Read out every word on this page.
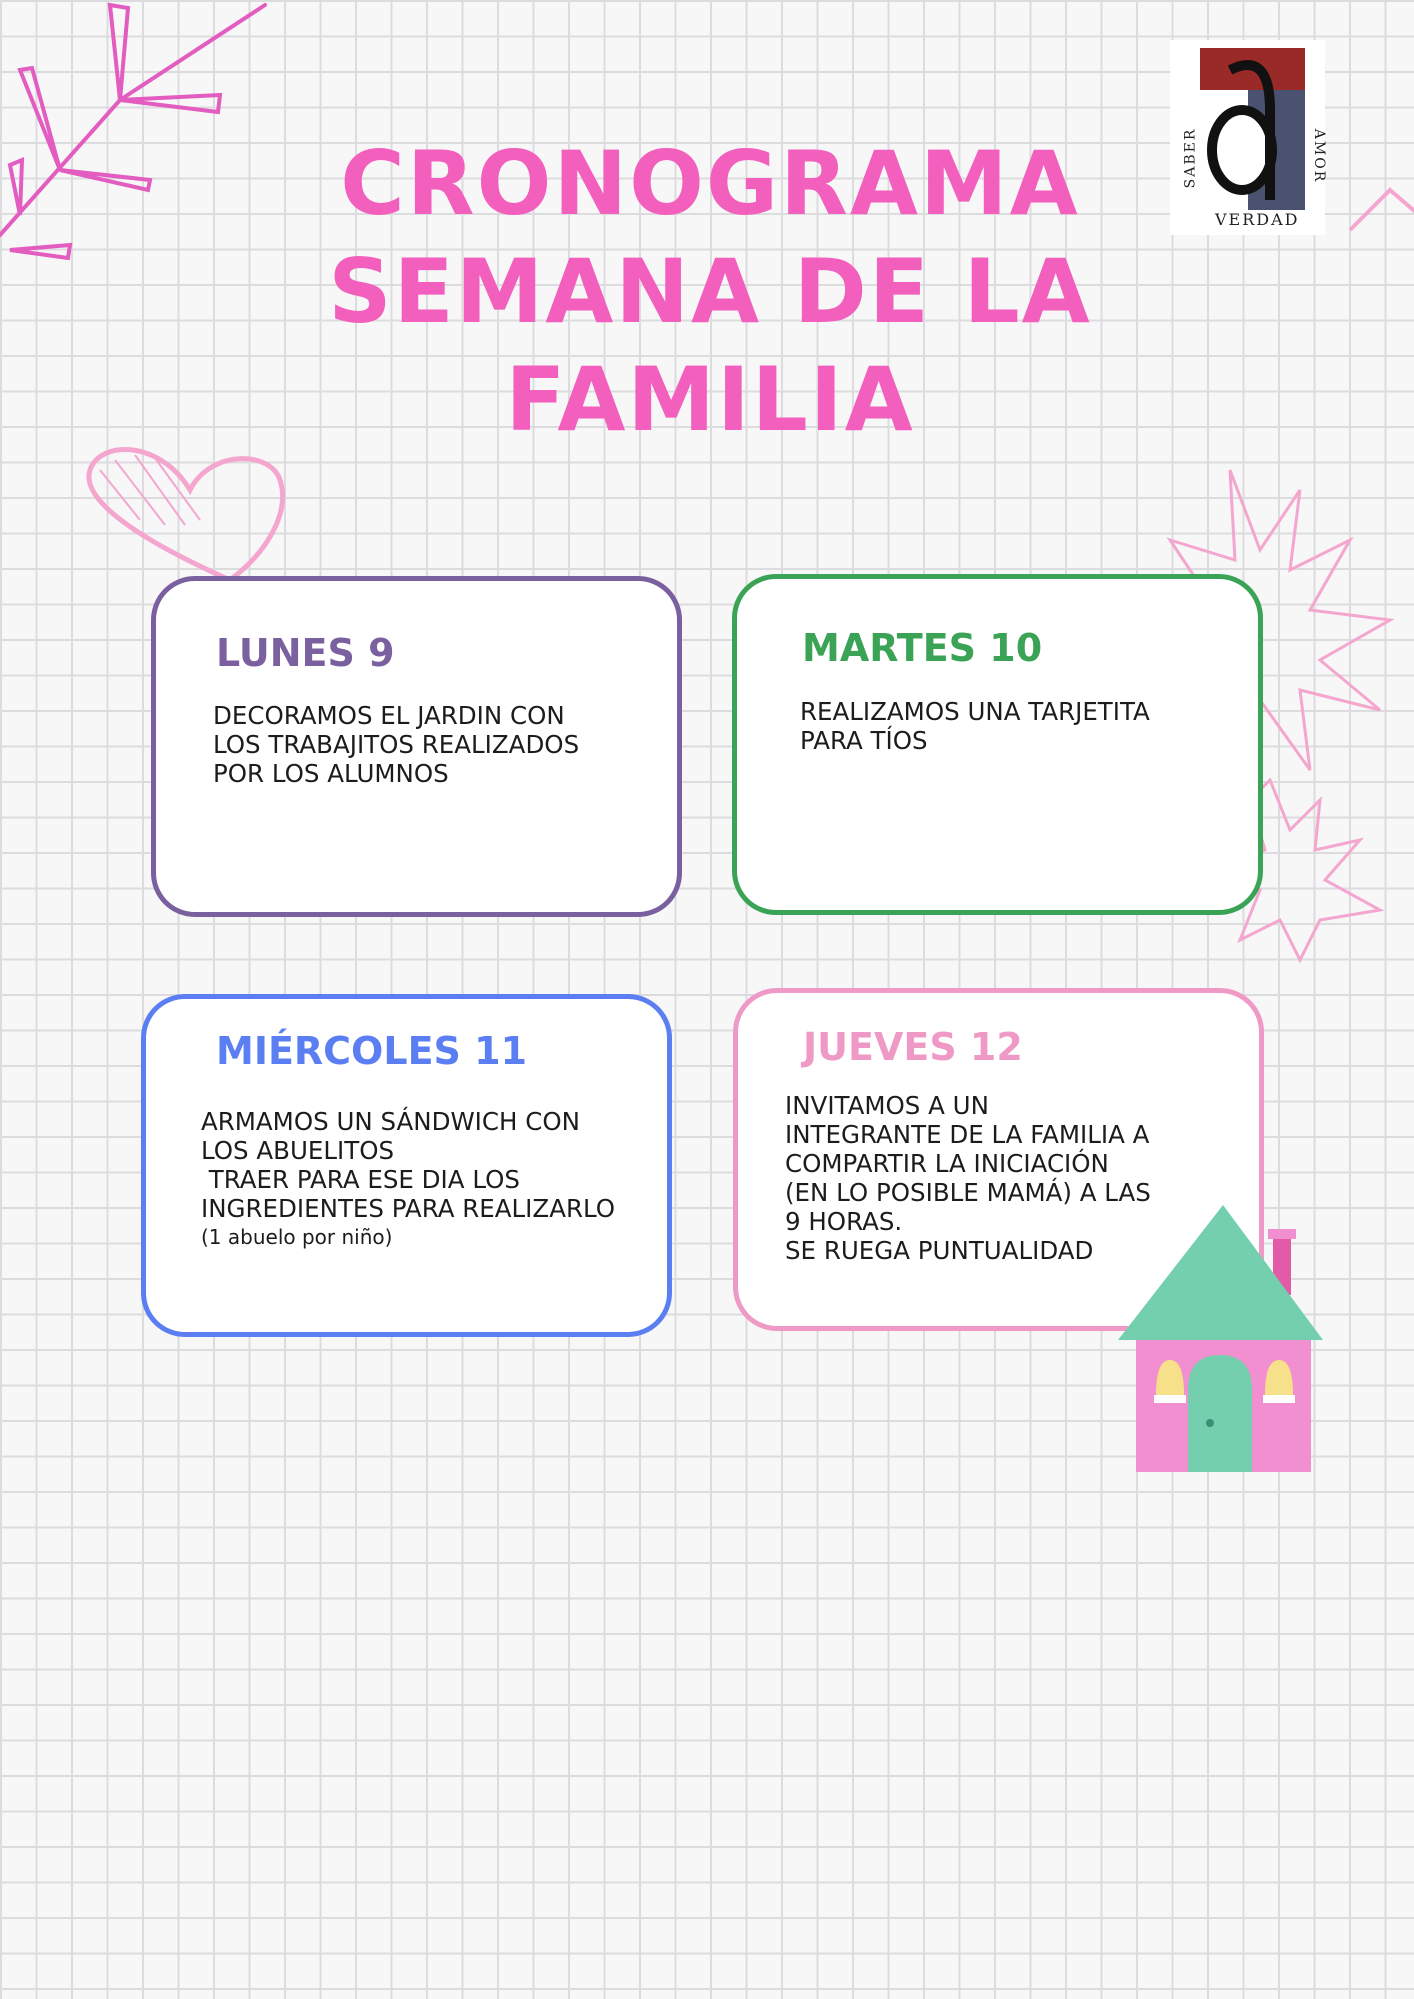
CRONOGRAMA
SEMANA DE LA
FAMILIA
SABER	AMOR
VERDAD
LUNES 9

DECORAMOS EL JARDIN CON

LOS TRABAJITOS REALIZADOS

POR LOS ALUMNOS

MARTES 10

REALIZAMOS UNA TARJETITA

PARA TÍOS

MIÉRCOLES 11

ARMAMOS UN SÁNDWICH CON

LOS ABUELITOS

TRAER PARA ESE DIA LOS

INGREDIENTES PARA REALIZARLO

(1 abuelo por niño)

JUEVES 12

INVITAMOS A UN

INTEGRANTE DE LA FAMILIA A

COMPARTIR LA INICIACIÓN

(EN LO POSIBLE MAMÁ) A LAS

9 HORAS.

SE RUEGA PUNTUALIDAD
